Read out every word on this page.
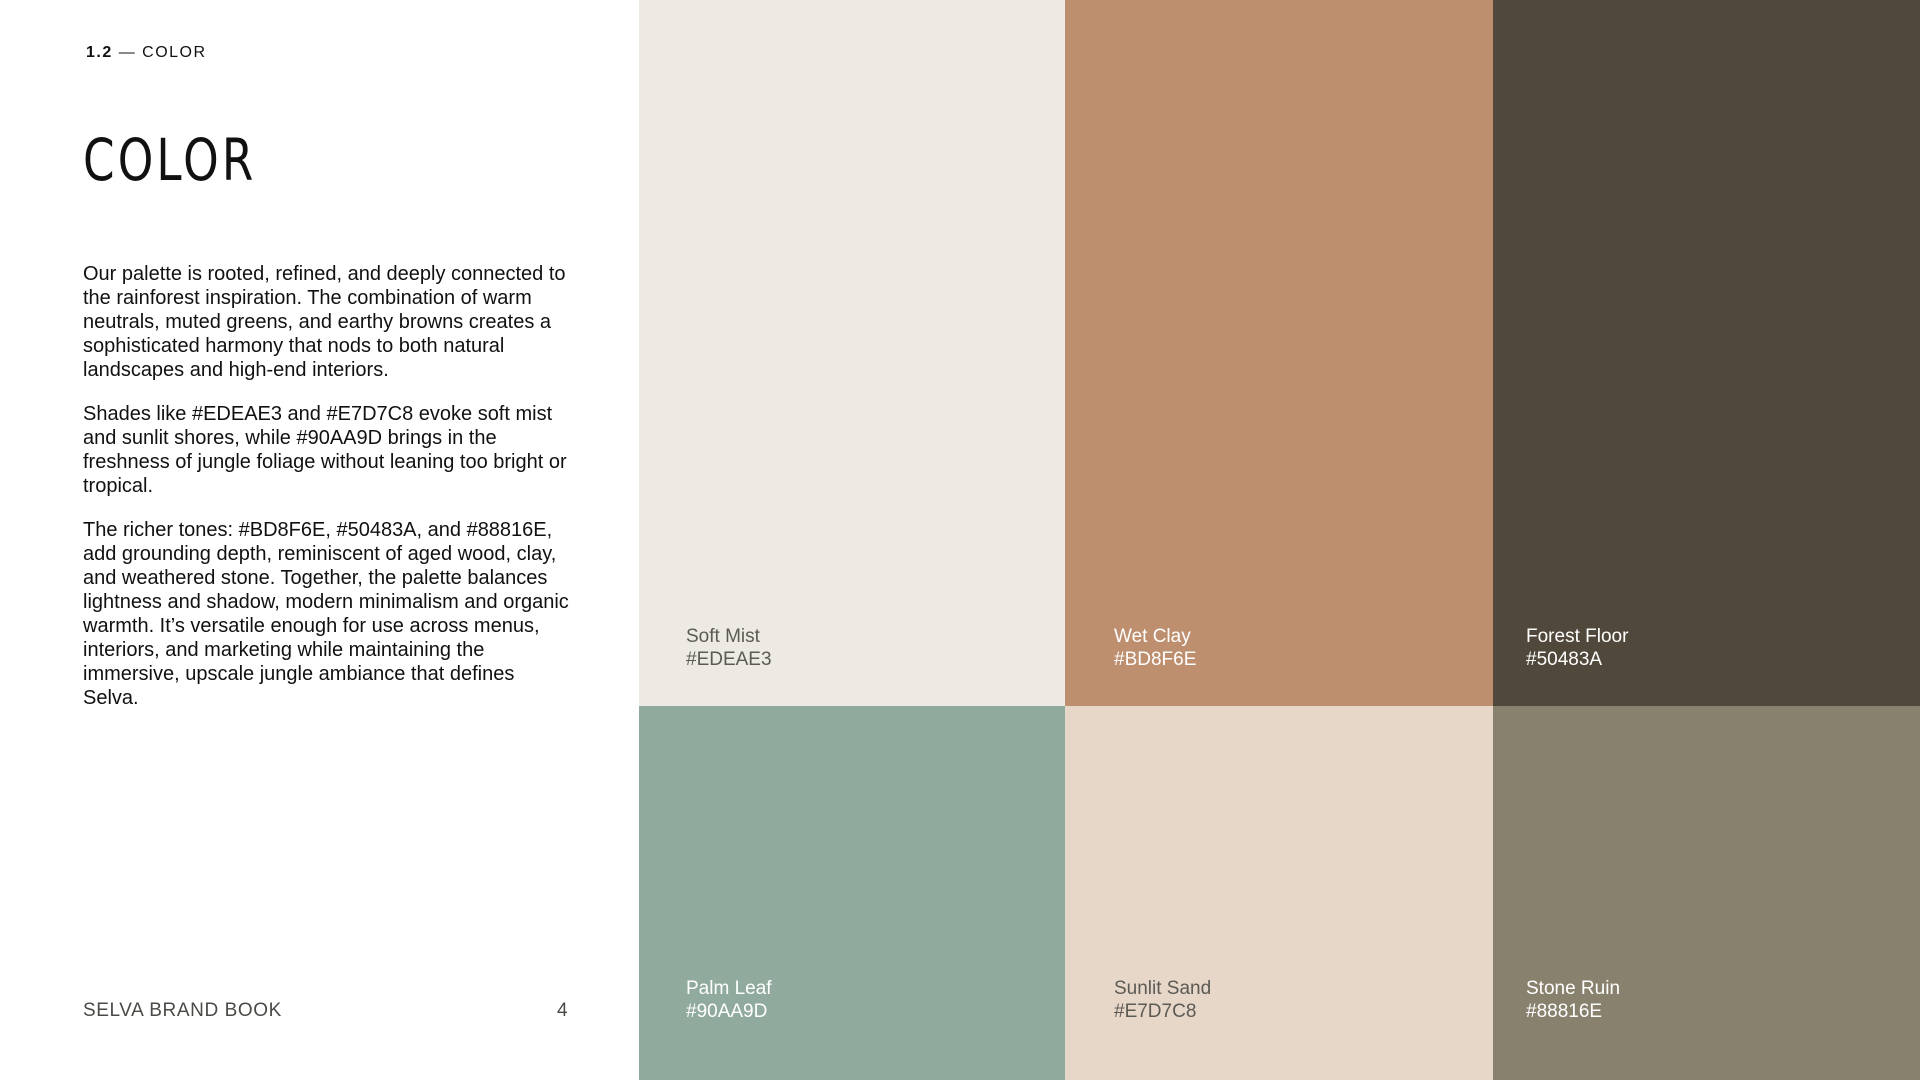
1.2 — COLOR
COLOR

Our palette is rooted, refined, and deeply connected to the rainforest inspiration. The combination of warm neutrals, muted greens, and earthy browns creates a sophisticated harmony that nods to both natural landscapes and high-end interiors.

Shades like #EDEAE3 and #E7D7C8 evoke soft mist and sunlit shores, while #90AA9D brings in the freshness of jungle foliage without leaning too bright or tropical.

The richer tones: #BD8F6E, #50483A, and #88816E, add grounding depth, reminiscent of aged wood, clay, and weathered stone. Together, the palette balances lightness and shadow, modern minimalism and organic warmth. It’s versatile enough for use across menus, interiors, and marketing while maintaining the immersive, upscale jungle ambiance that defines Selva.

SELVA BRAND BOOK	4
Soft Mist
#EDEAE3
Wet Clay
#BD8F6E
Forest Floor
#50483A
Palm Leaf
#90AA9D
Sunlit Sand
#E7D7C8
Stone Ruin
#88816E
